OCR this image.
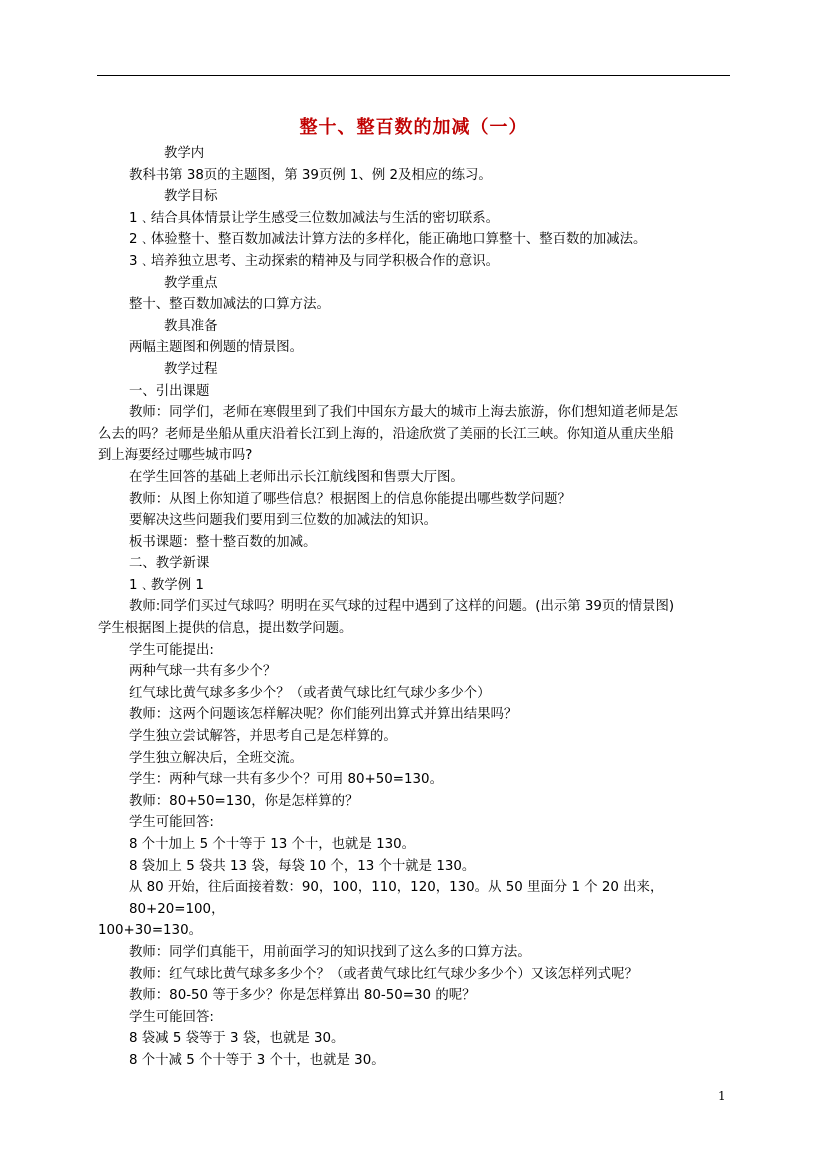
整十、整百数的加减（一）

教学内

教科书第 38页的主题图，第 39页例 1、例 2及相应的练习。

教学目标

1﹑结合具体情景让学生感受三位数加减法与生活的密切联系。

2﹑体验整十、整百数加减法计算方法的多样化，能正确地口算整十、整百数的加减法。

3﹑培养独立思考、主动探索的精神及与同学积极合作的意识。

教学重点

整十、整百数加减法的口算方法。

教具准备

两幅主题图和例题的情景图。

教学过程

一、引出课题

教师：同学们，老师在寒假里到了我们中国东方最大的城市上海去旅游，你们想知道老师是怎

么去的吗？老师是坐船从重庆沿着长江到上海的，沿途欣赏了美丽的长江三峡。你知道从重庆坐船

到上海要经过哪些城市吗?

在学生回答的基础上老师出示长江航线图和售票大厅图。

教师：从图上你知道了哪些信息？根据图上的信息你能提出哪些数学问题？

要解决这些问题我们要用到三位数的加减法的知识。

板书课题：整十整百数的加减。

二、教学新课

1﹑教学例 1

教师:同学们买过气球吗？明明在买气球的过程中遇到了这样的问题。(出示第 39页的情景图)

学生根据图上提供的信息，提出数学问题。

学生可能提出:

两种气球一共有多少个？

红气球比黄气球多多少个？（或者黄气球比红气球少多少个）

教师：这两个问题该怎样解决呢？你们能列出算式并算出结果吗？

学生独立尝试解答，并思考自己是怎样算的。

学生独立解决后，全班交流。

学生：两种气球一共有多少个？可用 80+50=130。

教师：80+50=130，你是怎样算的？

学生可能回答:

8 个十加上 5 个十等于 13 个十，也就是 130。

8 袋加上 5 袋共 13 袋，每袋 10 个，13 个十就是 130。

从 80 开始，往后面接着数：90，100，110，120，130。从 50 里面分 1 个 20 出来，80+20=100，

100+30=130。

教师：同学们真能干，用前面学习的知识找到了这么多的口算方法。

教师：红气球比黄气球多多少个？（或者黄气球比红气球少多少个）又该怎样列式呢？

教师：80-50 等于多少？你是怎样算出 80-50=30 的呢？

学生可能回答:

8 袋减 5 袋等于 3 袋，也就是 30。

8 个十减 5 个十等于 3 个十，也就是 30。

1
